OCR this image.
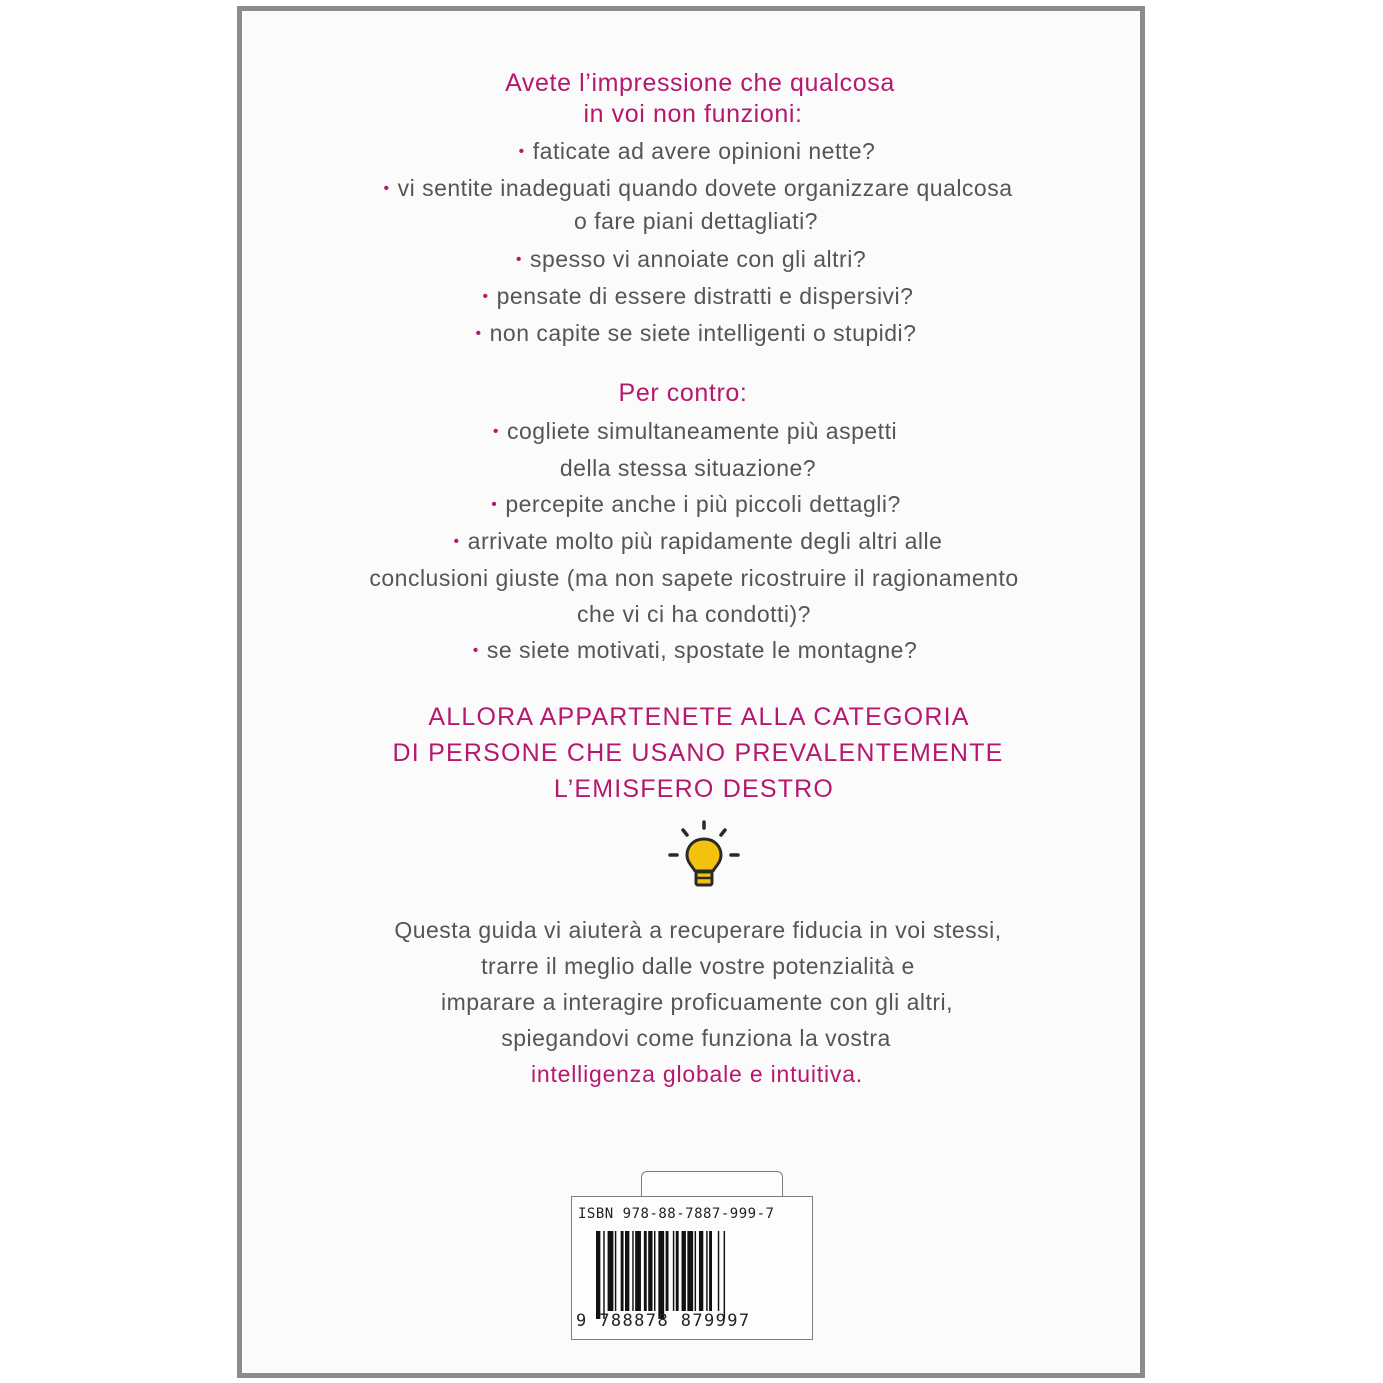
Avete l’impressione che qualcosa
in voi non funzioni:
• faticate ad avere opinioni nette?
• vi sentite inadeguati quando dovete organizzare qualcosa
o fare piani dettagliati?
• spesso vi annoiate con gli altri?
• pensate di essere distratti e dispersivi?
• non capite se siete intelligenti o stupidi?
Per contro:
• cogliete simultaneamente più aspetti
della stessa situazione?
• percepite anche i più piccoli dettagli?
• arrivate molto più rapidamente degli altri alle
conclusioni giuste (ma non sapete ricostruire il ragionamento
che vi ci ha condotti)?
• se siete motivati, spostate le montagne?
ALLORA APPARTENETE ALLA CATEGORIA
DI PERSONE CHE USANO PREVALENTEMENTE
L’EMISFERO DESTRO
Questa guida vi aiuterà a recuperare fiducia in voi stessi,
trarre il meglio dalle vostre potenzialità e
imparare a interagire proficuamente con gli altri,
spiegandovi come funziona la vostra
intelligenza globale e intuitiva.
ISBN 978-88-7887-999-7
9 788878 879997
